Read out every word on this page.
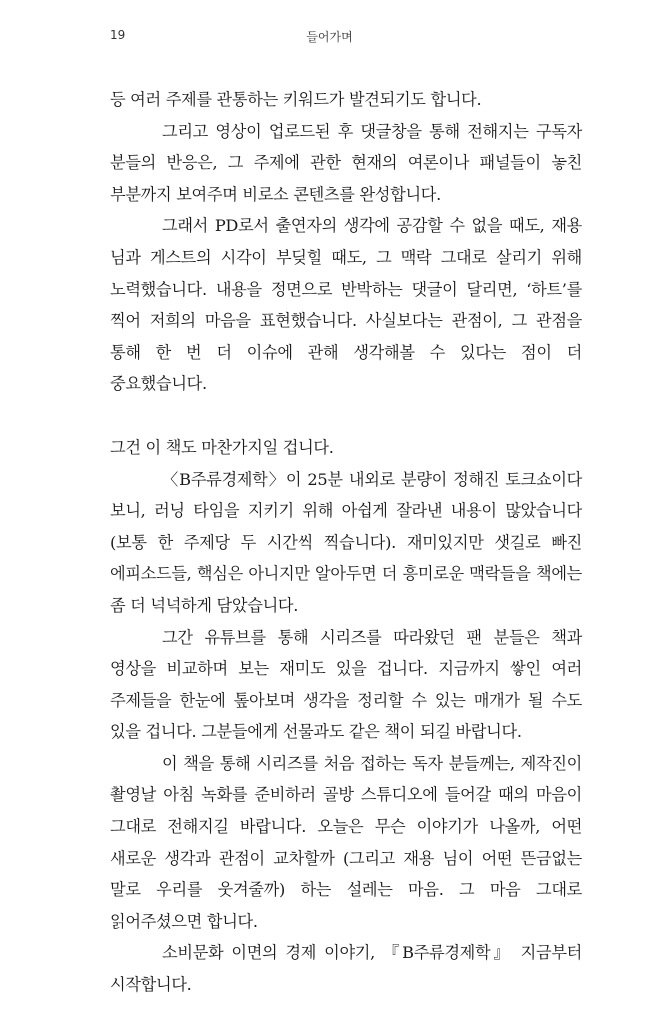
19	들어가며

등 여러 주제를 관통하는 키워드가 발견되기도 합니다.

그리고 영상이 업로드된 후 댓글창을 통해 전해지는 구독자 분들의 반응은, 그 주제에 관한 현재의 여론이나 패널들이 놓친 부분까지 보여주며 비로소 콘텐츠를 완성합니다.

그래서 PD로서 출연자의 생각에 공감할 수 없을 때도, 재용 님과 게스트의 시각이 부딪힐 때도, 그 맥락 그대로 살리기 위해 노력했습니다. 내용을 정면으로 반박하는 댓글이 달리면, ‘하트’를 찍어 저희의 마음을 표현했습니다. 사실보다는 관점이, 그 관점을 통해 한 번 더 이슈에 관해 생각해볼 수 있다는 점이 더 중요했습니다.

그건 이 책도 마찬가지일 겁니다.

〈B주류경제학〉이 25분 내외로 분량이 정해진 토크쇼이다 보니, 러닝 타임을 지키기 위해 아쉽게 잘라낸 내용이 많았습니다(보통 한 주제당 두 시간씩 찍습니다). 재미있지만 샛길로 빠진 에피소드들, 핵심은 아니지만 알아두면 더 흥미로운 맥락들을 책에는 좀 더 넉넉하게 담았습니다.

그간 유튜브를 통해 시리즈를 따라왔던 팬 분들은 책과 영상을 비교하며 보는 재미도 있을 겁니다. 지금까지 쌓인 여러 주제들을 한눈에 톺아보며 생각을 정리할 수 있는 매개가 될 수도 있을 겁니다. 그분들에게 선물과도 같은 책이 되길 바랍니다.

이 책을 통해 시리즈를 처음 접하는 독자 분들께는, 제작진이 촬영날 아침 녹화를 준비하러 골방 스튜디오에 들어갈 때의 마음이 그대로 전해지길 바랍니다. 오늘은 무슨 이야기가 나올까, 어떤 새로운 생각과 관점이 교차할까 (그리고 재용 님이 어떤 뜬금없는 말로 우리를 웃겨줄까) 하는 설레는 마음. 그 마음 그대로 읽어주셨으면 합니다.

소비문화 이면의 경제 이야기, 『B주류경제학』 지금부터 시작합니다.
